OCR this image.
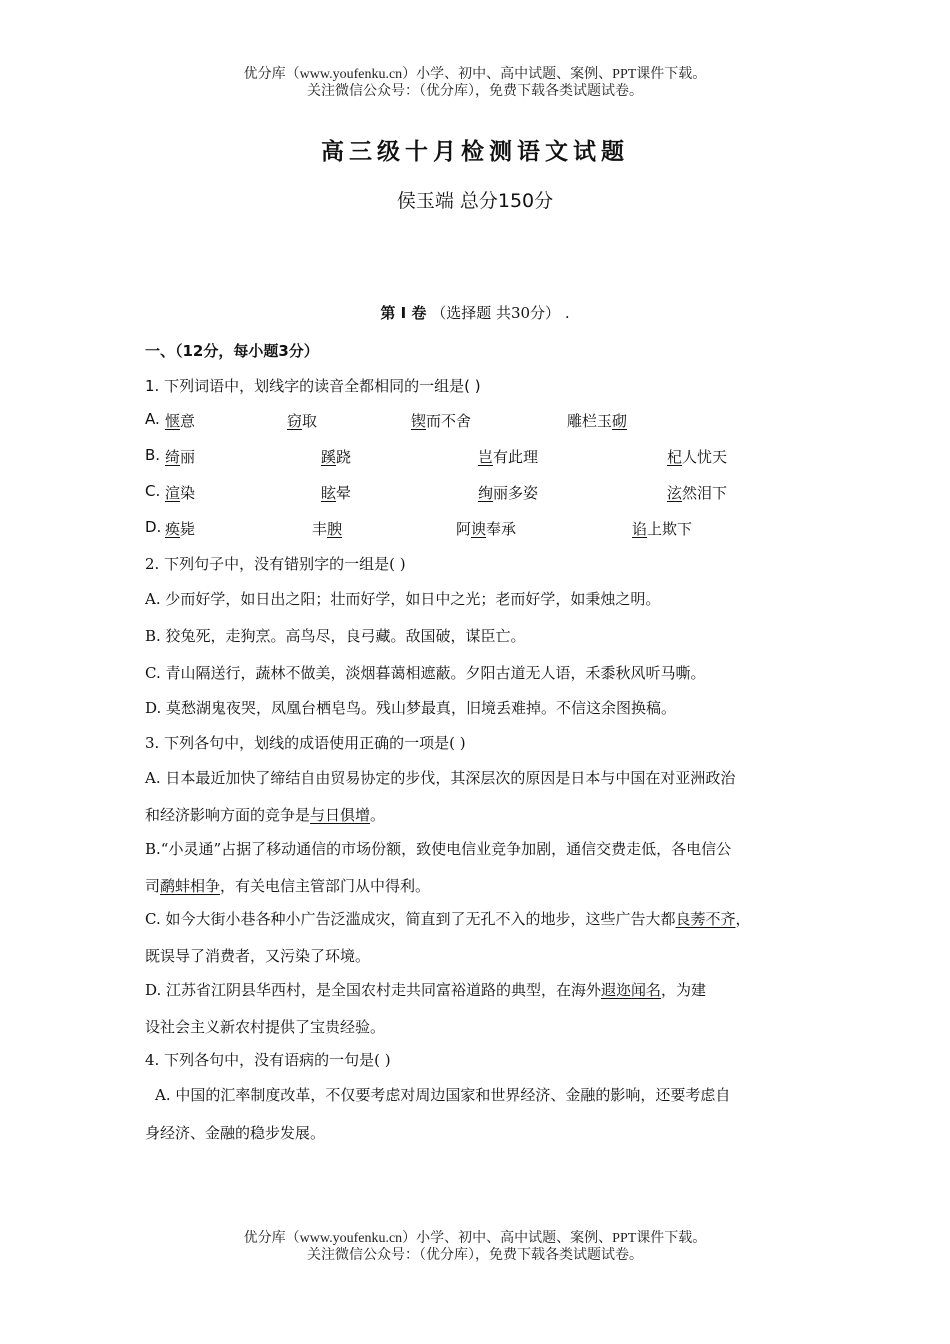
优分库（www.youfenku.cn）小学、初中、高中试题、案例、PPT课件下载。
关注微信公众号：（优分库），免费下载各类试题试卷。
高三级十月检测语文试题
侯玉端 总分150分
第 I 卷 （选择题 共30分） .
一、（12分，每小题3分）
1. 下列词语中，划线字的读音全都相同的一组是( )
A. 惬意	窃取	锲而不舍	雕栏玉砌
B. 绮丽	蹊跷	岂有此理	杞人忧天
C. 渲染	眩晕	绚丽多姿	泫然泪下
D. 痪毙	丰腴	阿谀奉承	谄上欺下
2. 下列句子中，没有错别字的一组是( )
A. 少而好学，如日出之阳；壮而好学，如日中之光；老而好学，如秉烛之明。
B. 狡兔死，走狗烹。高鸟尽，良弓藏。敌国破，谋臣亡。
C. 青山隔送行，蔬林不做美，淡烟暮蔼相遮蔽。夕阳古道无人语，禾黍秋风听马嘶。
D. 莫愁湖鬼夜哭，凤凰台栖皂鸟。残山梦最真，旧境丢难掉。不信这余图换稿。
3. 下列各句中，划线的成语使用正确的一项是( )
A. 日本最近加快了缔结自由贸易协定的步伐，其深层次的原因是日本与中国在对亚洲政治
和经济影响方面的竞争是与日俱增。
B.“小灵通”占据了移动通信的市场份额，致使电信业竞争加剧，通信交费走低，各电信公
司鹬蚌相争，有关电信主管部门从中得利。
C. 如今大街小巷各种小广告泛滥成灾，简直到了无孔不入的地步，这些广告大都良莠不齐，
既误导了消费者，又污染了环境。
D. 江苏省江阴县华西村，是全国农村走共同富裕道路的典型，在海外遐迩闻名，为建
设社会主义新农村提供了宝贵经验。
4. 下列各句中，没有语病的一句是( )
A. 中国的汇率制度改革，不仅要考虑对周边国家和世界经济、金融的影响，还要考虑自
身经济、金融的稳步发展。
优分库（www.youfenku.cn）小学、初中、高中试题、案例、PPT课件下载。
关注微信公众号：（优分库），免费下载各类试题试卷。
